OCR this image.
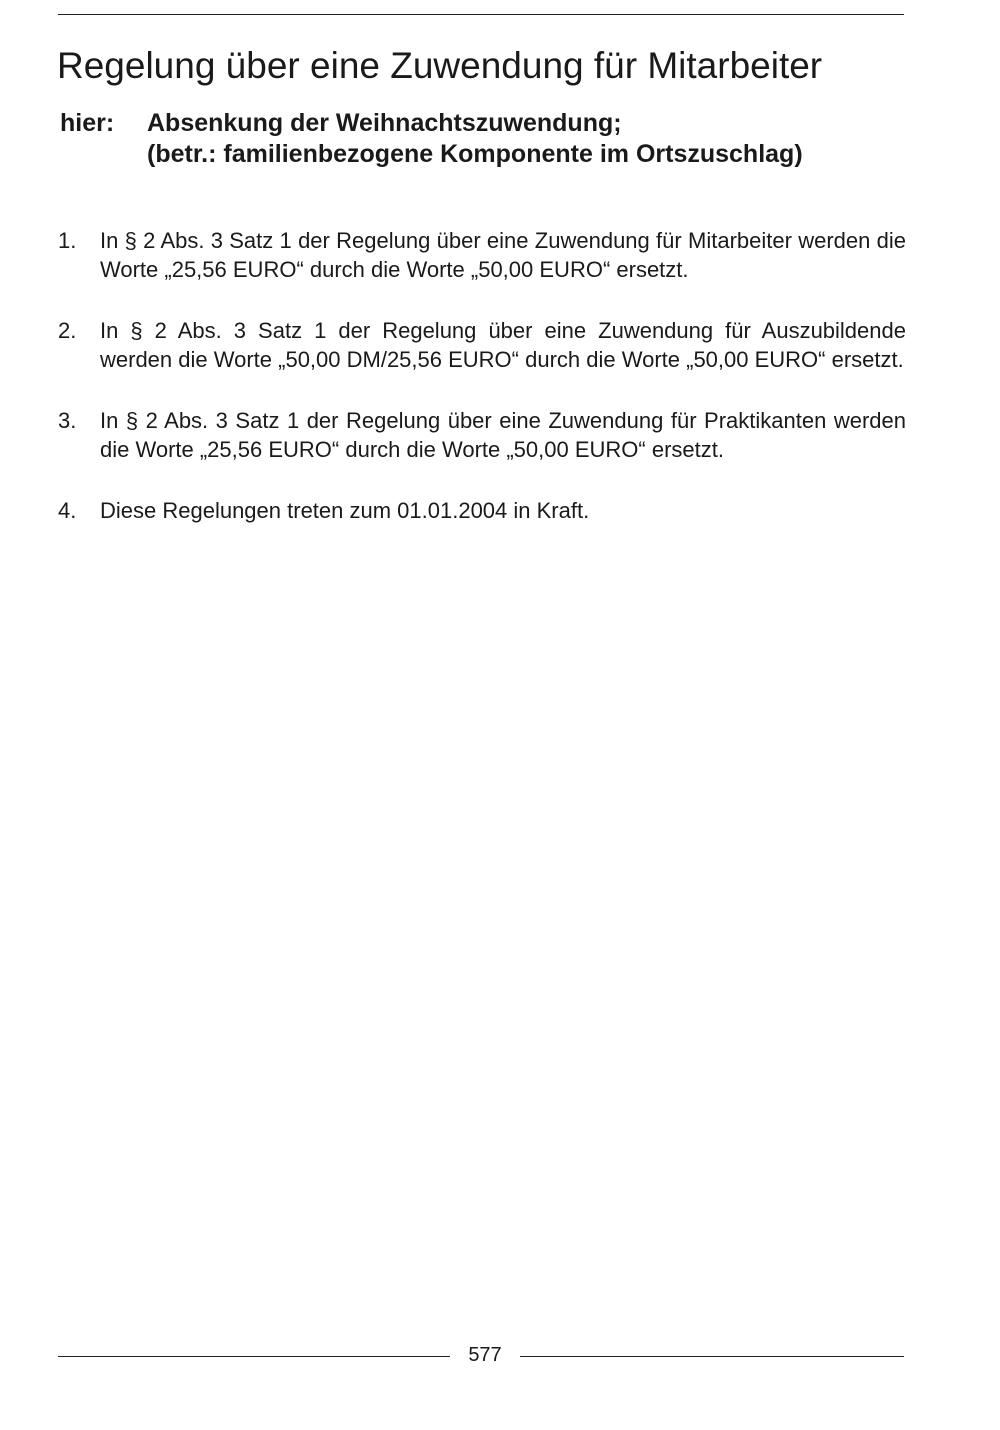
Regelung über eine Zuwendung für Mitarbeiter
hier: Absenkung der Weihnachtszuwendung;
(betr.: familienbezogene Komponente im Ortszuschlag)
1. In § 2 Abs. 3 Satz 1 der Regelung über eine Zuwendung für Mitarbeiter werden die Worte „25,56 EURO“ durch die Worte „50,00 EURO“ ersetzt.
2. In § 2 Abs. 3 Satz 1 der Regelung über eine Zuwendung für Auszubildende werden die Worte „50,00 DM/25,56 EURO“ durch die Worte „50,00 EURO“ ersetzt.
3. In § 2 Abs. 3 Satz 1 der Regelung über eine Zuwendung für Praktikanten werden die Worte „25,56 EURO“ durch die Worte „50,00 EURO“ ersetzt.
4. Diese Regelungen treten zum 01.01.2004 in Kraft.
577
